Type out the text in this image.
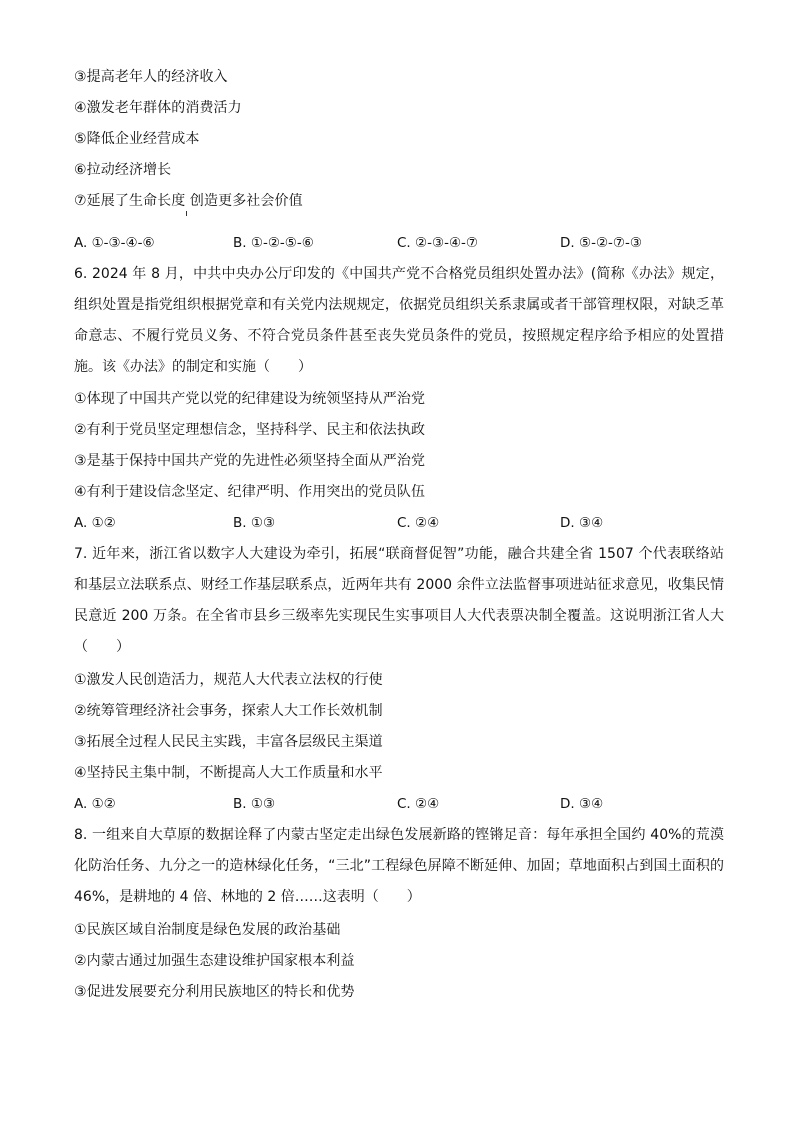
③提高老年人的经济收入
④激发老年群体的消费活力
⑤降低企业经营成本
⑥拉动经济增长
⑦延展了生命长度 创造更多社会价值
A. ①-③-④-⑥	B. ①-②-⑤-⑥	C. ②-③-④-⑦	D. ⑤-②-⑦-③
6. 2024 年 8 月，中共中央办公厅印发的《中国共产党不合格党员组织处置办法》(简称《办法》规定，组织处置是指党组织根据党章和有关党内法规规定，依据党员组织关系隶属或者干部管理权限，对缺乏革命意志、不履行党员义务、不符合党员条件甚至丧失党员条件的党员，按照规定程序给予相应的处置措施。该《办法》的制定和实施（　　）
①体现了中国共产党以党的纪律建设为统领坚持从严治党
②有利于党员坚定理想信念，坚持科学、民主和依法执政
③是基于保持中国共产党的先进性必须坚持全面从严治党
④有利于建设信念坚定、纪律严明、作用突出的党员队伍
A. ①②	B. ①③	C. ②④	D. ③④
7. 近年来，浙江省以数字人大建设为牵引，拓展“联商督促智”功能，融合共建全省 1507 个代表联络站和基层立法联系点、财经工作基层联系点，近两年共有 2000 余件立法监督事项进站征求意见，收集民情民意近 200 万条。在全省市县乡三级率先实现民生实事项目人大代表票决制全覆盖。这说明浙江省人大（　　）
①激发人民创造活力，规范人大代表立法权的行使
②统筹管理经济社会事务，探索人大工作长效机制
③拓展全过程人民民主实践，丰富各层级民主渠道
④坚持民主集中制，不断提高人大工作质量和水平
A. ①②	B. ①③	C. ②④	D. ③④
8. 一组来自大草原的数据诠释了内蒙古坚定走出绿色发展新路的铿锵足音：每年承担全国约 40%的荒漠化防治任务、九分之一的造林绿化任务，“三北”工程绿色屏障不断延伸、加固；草地面积占到国土面积的 46%，是耕地的 4 倍、林地的 2 倍……这表明（　　）
①民族区域自治制度是绿色发展的政治基础
②内蒙古通过加强生态建设维护国家根本利益
③促进发展要充分利用民族地区的特长和优势
